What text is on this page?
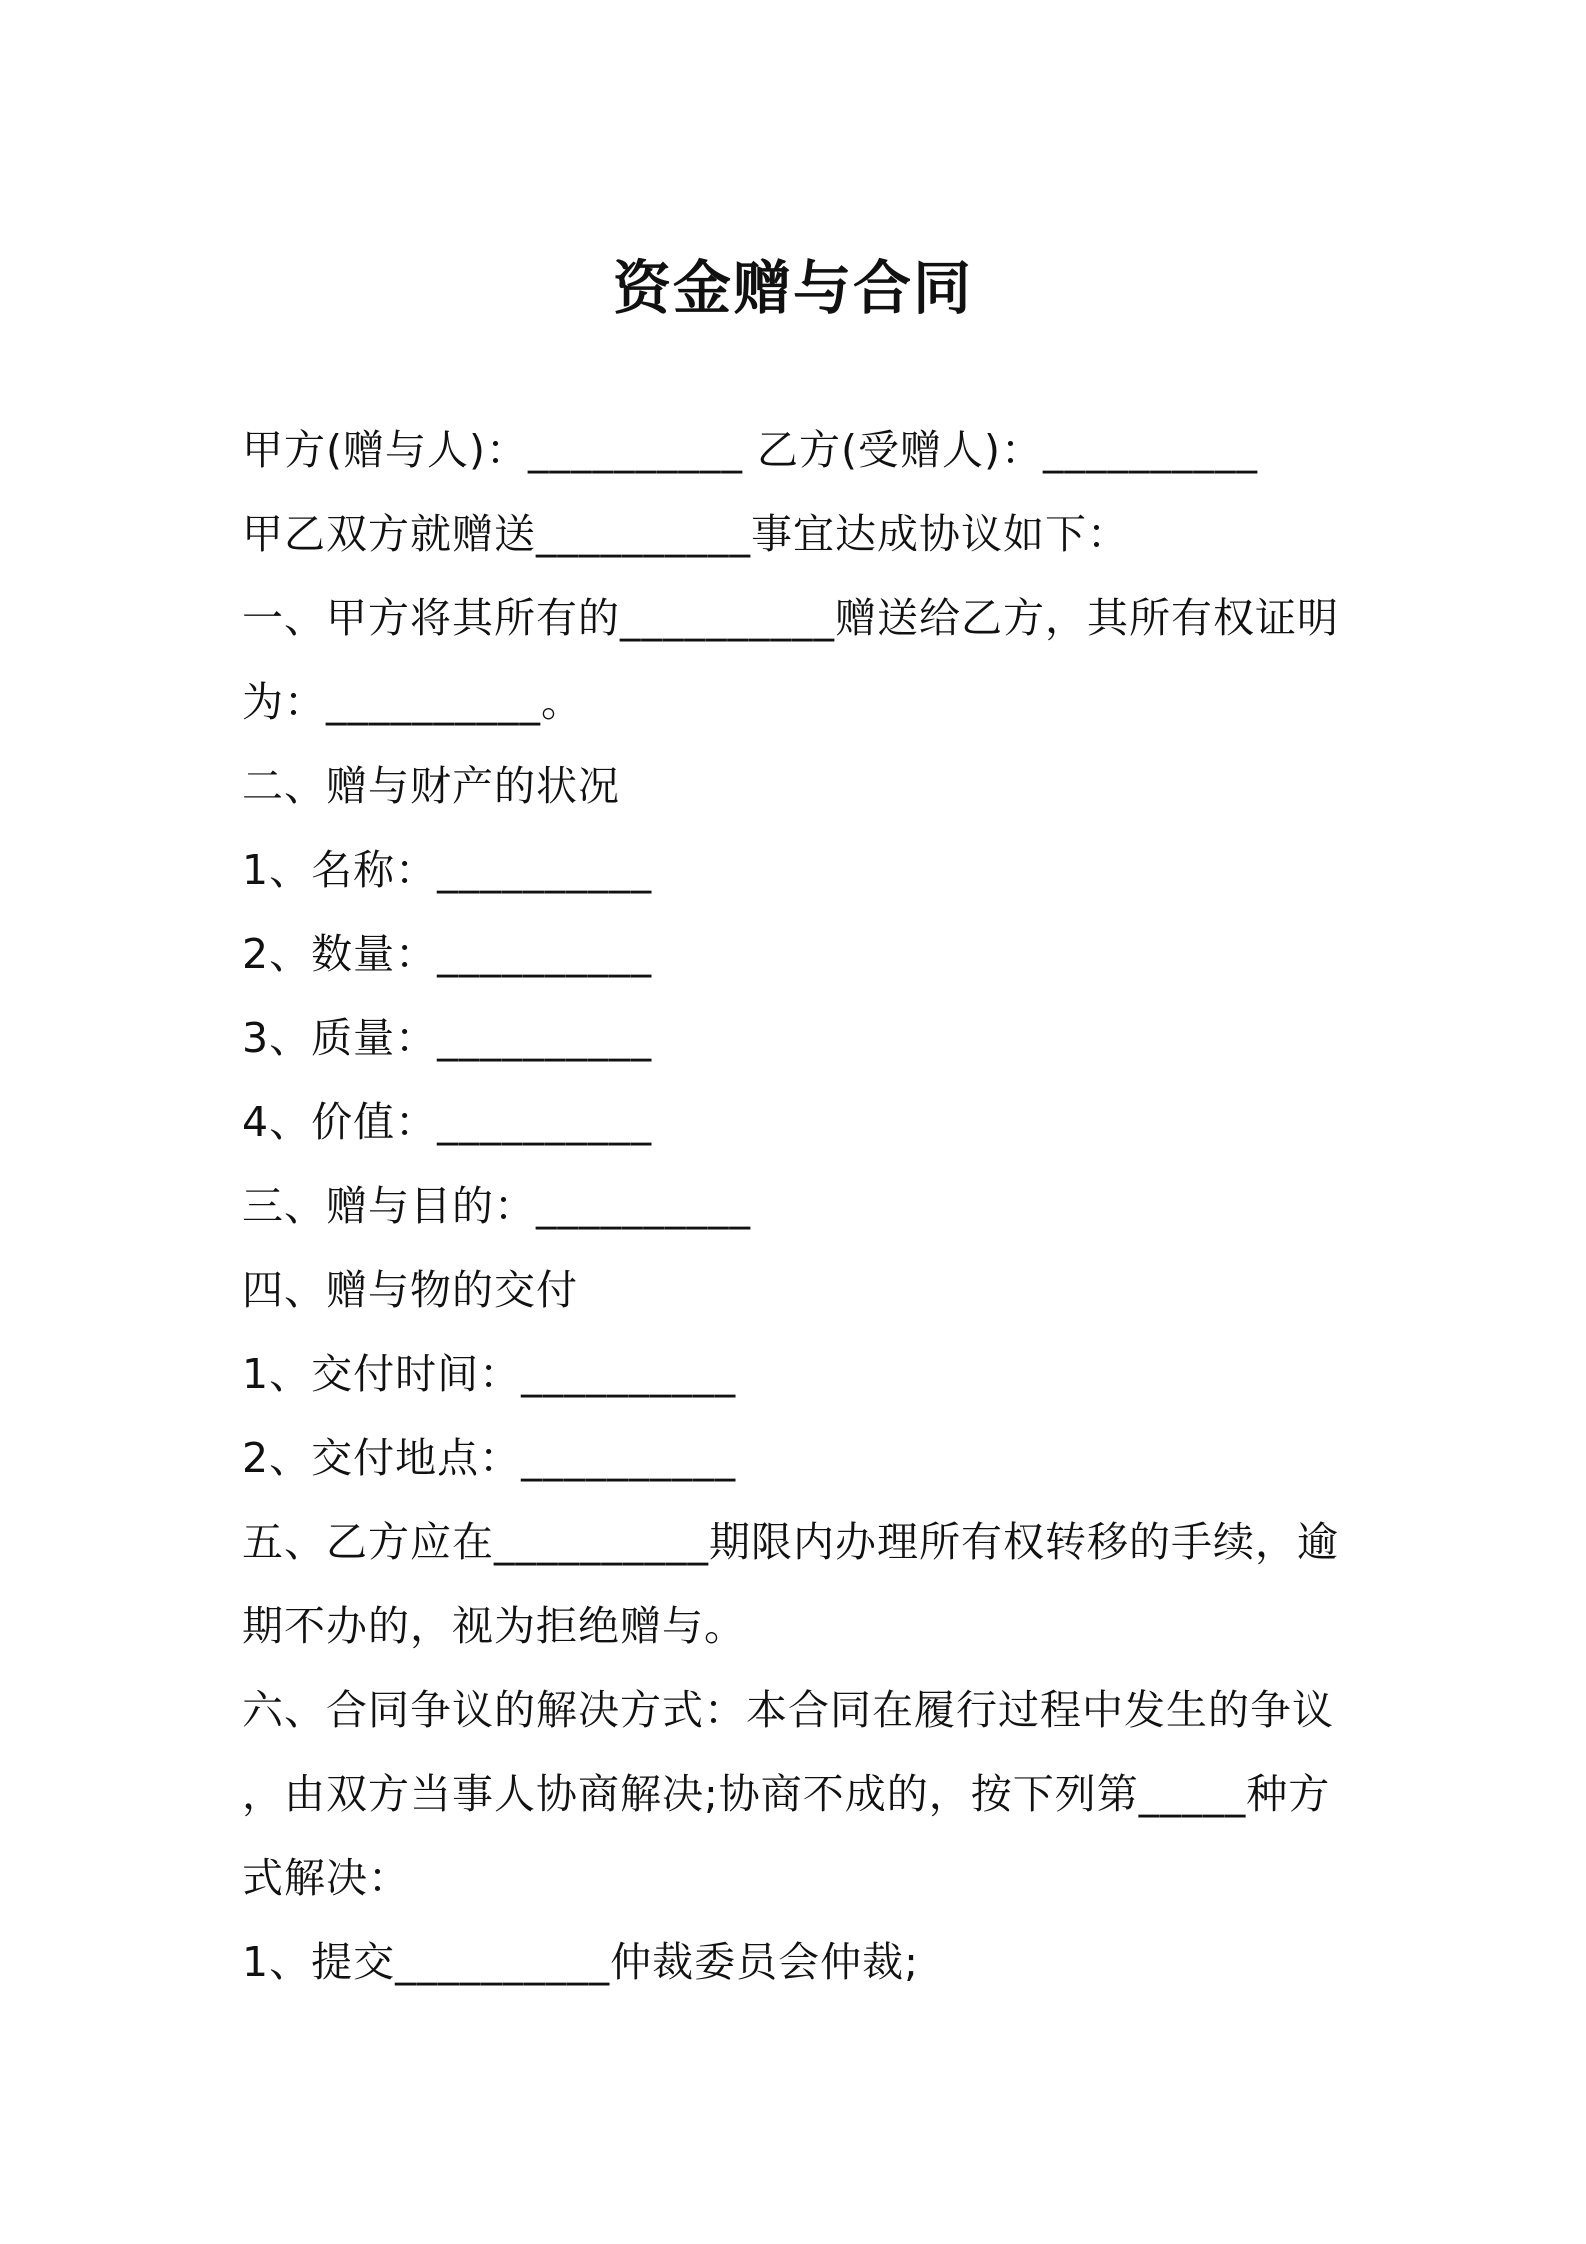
资金赠与合同
甲方(赠与人)：__________ 乙方(受赠人)：__________
甲乙双方就赠送__________事宜达成协议如下：
一、甲方将其所有的__________赠送给乙方，其所有权证明
为：__________。
二、赠与财产的状况
1、名称：__________
2、数量：__________
3、质量：__________
4、价值：__________
三、赠与目的：__________
四、赠与物的交付
1、交付时间：__________
2、交付地点：__________
五、乙方应在__________期限内办理所有权转移的手续，逾
期不办的，视为拒绝赠与。
六、合同争议的解决方式：本合同在履行过程中发生的争议
，由双方当事人协商解决;协商不成的，按下列第_____种方
式解决：
1、提交__________仲裁委员会仲裁;
